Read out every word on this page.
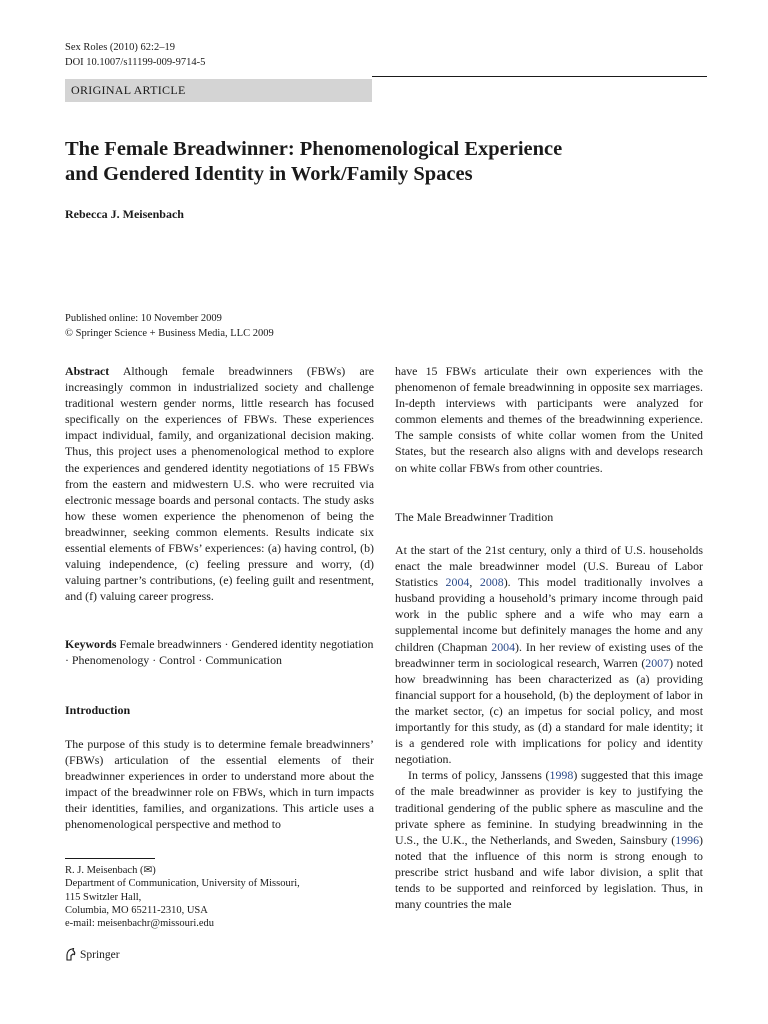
Sex Roles (2010) 62:2–19
DOI 10.1007/s11199-009-9714-5
ORIGINAL ARTICLE
The Female Breadwinner: Phenomenological Experience
and Gendered Identity in Work/Family Spaces
Rebecca J. Meisenbach
Published online: 10 November 2009
© Springer Science + Business Media, LLC 2009

Abstract Although female breadwinners (FBWs) are increasingly common in industrialized society and challenge traditional western gender norms, little research has focused specifically on the experiences of FBWs. These experiences impact individual, family, and organizational decision making. Thus, this project uses a phenomenological method to explore the experiences and gendered identity negotiations of 15 FBWs from the eastern and midwestern U.S. who were recruited via electronic message boards and personal contacts. The study asks how these women experience the phenomenon of being the breadwinner, seeking common elements. Results indicate six essential elements of FBWs’ experiences: (a) having control, (b) valuing independence, (c) feeling pressure and worry, (d) valuing partner’s contributions, (e) feeling guilt and resentment, and (f) valuing career progress.

Keywords Female breadwinners · Gendered identity negotiation · Phenomenology · Control · Communication

Introduction
The purpose of this study is to determine female breadwinners’ (FBWs) articulation of the essential elements of their breadwinner experiences in order to understand more about the impact of the breadwinner role on FBWs, which in turn impacts their identities, families, and organizations. This article uses a phenomenological perspective and method to
R. J. Meisenbach (✉)
Department of Communication, University of Missouri,
115 Switzler Hall,
Columbia, MO 65211-2310, USA
e-mail: meisenbachr@missouri.edu
Springer
have 15 FBWs articulate their own experiences with the phenomenon of female breadwinning in opposite sex marriages. In-depth interviews with participants were analyzed for common elements and themes of the breadwinning experience. The sample consists of white collar women from the United States, but the research also aligns with and develops research on white collar FBWs from other countries.
The Male Breadwinner Tradition

At the start of the 21st century, only a third of U.S. households enact the male breadwinner model (U.S. Bureau of Labor Statistics 2004, 2008). This model traditionally involves a husband providing a household’s primary income through paid work in the public sphere and a wife who may earn a supplemental income but definitely manages the home and any children (Chapman 2004). In her review of existing uses of the breadwinner term in sociological research, Warren (2007) noted how breadwinning has been characterized as (a) providing financial support for a household, (b) the deployment of labor in the market sector, (c) an impetus for social policy, and most importantly for this study, as (d) a standard for male identity; it is a gendered role with implications for policy and identity negotiation.

In terms of policy, Janssens (1998) suggested that this image of the male breadwinner as provider is key to justifying the traditional gendering of the public sphere as masculine and the private sphere as feminine. In studying breadwinning in the U.S., the U.K., the Netherlands, and Sweden, Sainsbury (1996) noted that the influence of this norm is strong enough to prescribe strict husband and wife labor division, a split that tends to be supported and reinforced by legislation. Thus, in many countries the male
